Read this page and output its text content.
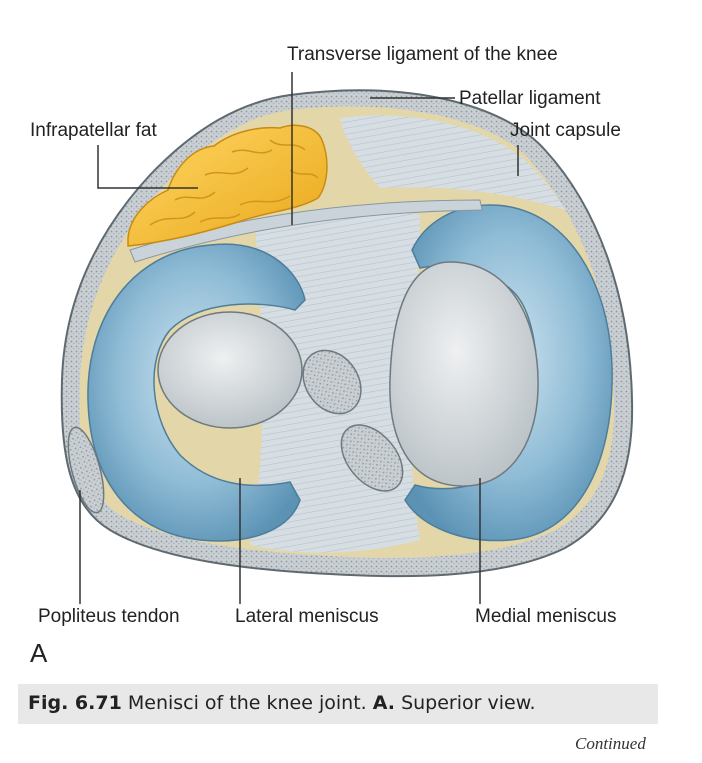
Transverse ligament of the knee
Patellar ligament
Infrapatellar fat	Joint capsule
Popliteus tendon	Lateral meniscus	Medial meniscus
A
Fig. 6.71 Menisci of the knee joint. A. Superior view.
Continued
